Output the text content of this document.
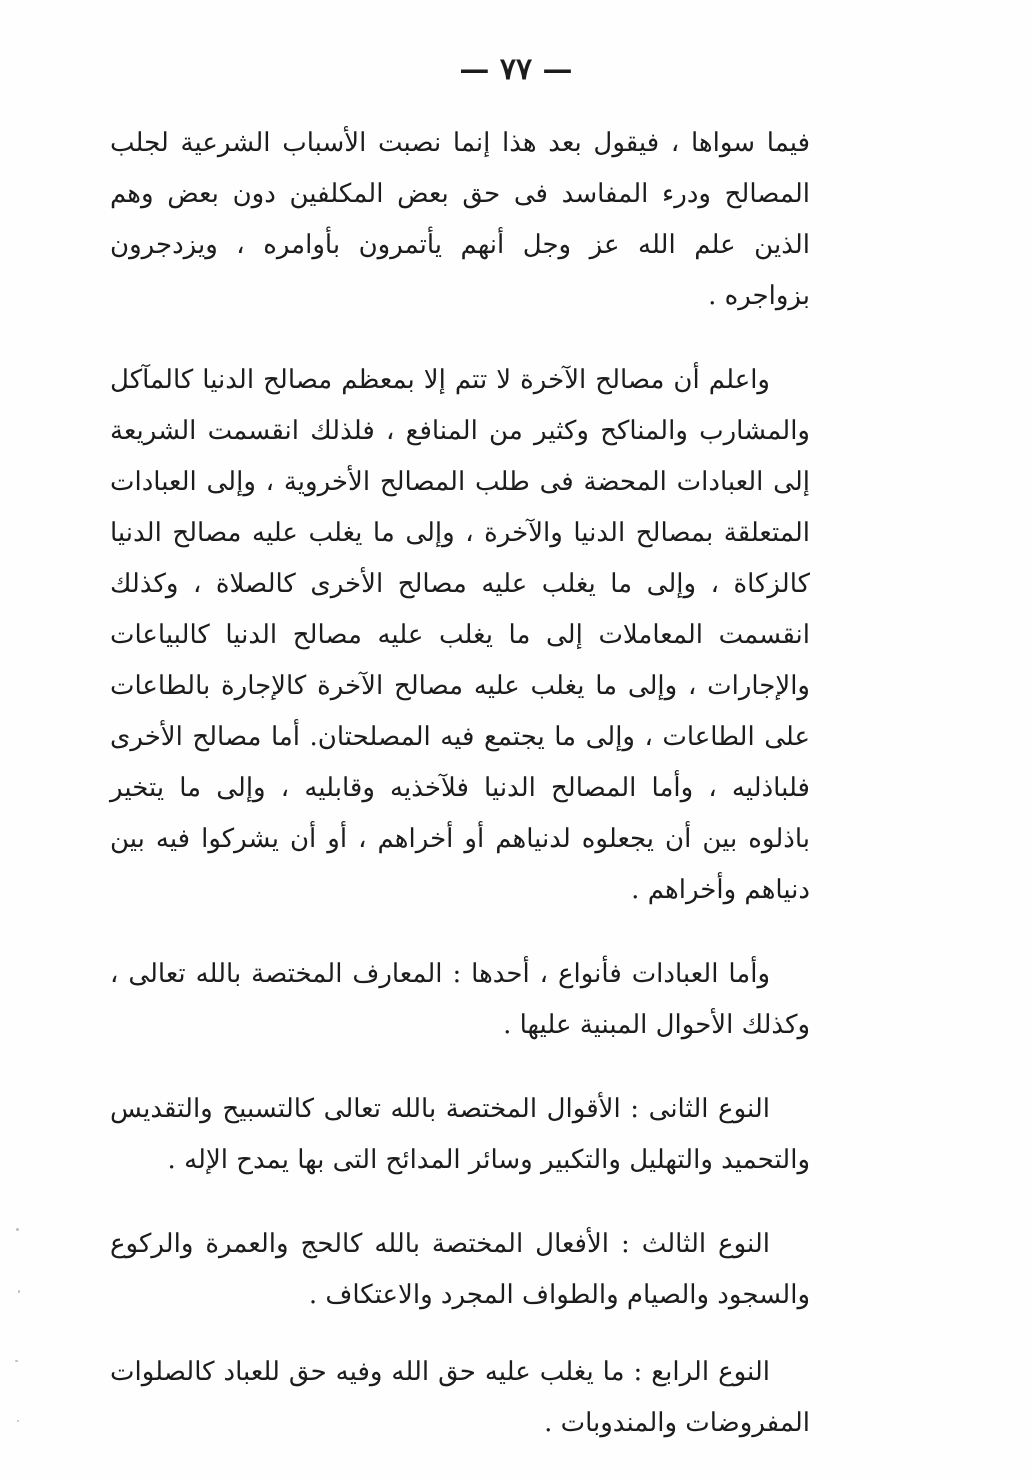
— ٧٧ —

فيما سواها ، فيقول بعد هذا إنما نصبت الأسباب الشرعية لجلب المصالح ودرء المفاسد فى حق بعض المكلفين دون بعض وهم الذين علم الله عز وجل أنهم يأتمرون بأوامره ، ويزدجرون بزواجره .

واعلم أن مصالح الآخرة لا تتم إلا بمعظم مصالح الدنيا كالمآكل والمشارب والمناكح وكثير من المنافع ، فلذلك انقسمت الشريعة إلى العبادات المحضة فى طلب المصالح الأخروية ، وإلى العبادات المتعلقة بمصالح الدنيا والآخرة ، وإلى ما يغلب عليه مصالح الدنيا كالزكاة ، وإلى ما يغلب عليه مصالح الأخرى كالصلاة ، وكذلك انقسمت المعاملات إلى ما يغلب عليه مصالح الدنيا كالبياعات والإجارات ، وإلى ما يغلب عليه مصالح الآخرة كالإجارة بالطاعات على الطاعات ، وإلى ما يجتمع فيه المصلحتان. أما مصالح الأخرى فلباذليه ، وأما المصالح الدنيا فلآخذيه وقابليه ، وإلى ما يتخير باذلوه بين أن يجعلوه لدنياهم أو أخراهم ، أو أن يشركوا فيه بين دنياهم وأخراهم .

وأما العبادات فأنواع ، أحدها : المعارف المختصة بالله تعالى ، وكذلك الأحوال المبنية عليها .

النوع الثانى : الأقوال المختصة بالله تعالى كالتسبيح والتقديس والتحميد والتهليل والتكبير وسائر المدائح التى بها يمدح الإله .

النوع الثالث : الأفعال المختصة بالله كالحج والعمرة والركوع والسجود والصيام والطواف المجرد والاعتكاف .

النوع الرابع : ما يغلب عليه حق الله وفيه حق للعباد كالصلوات المفروضات والمندوبات .
